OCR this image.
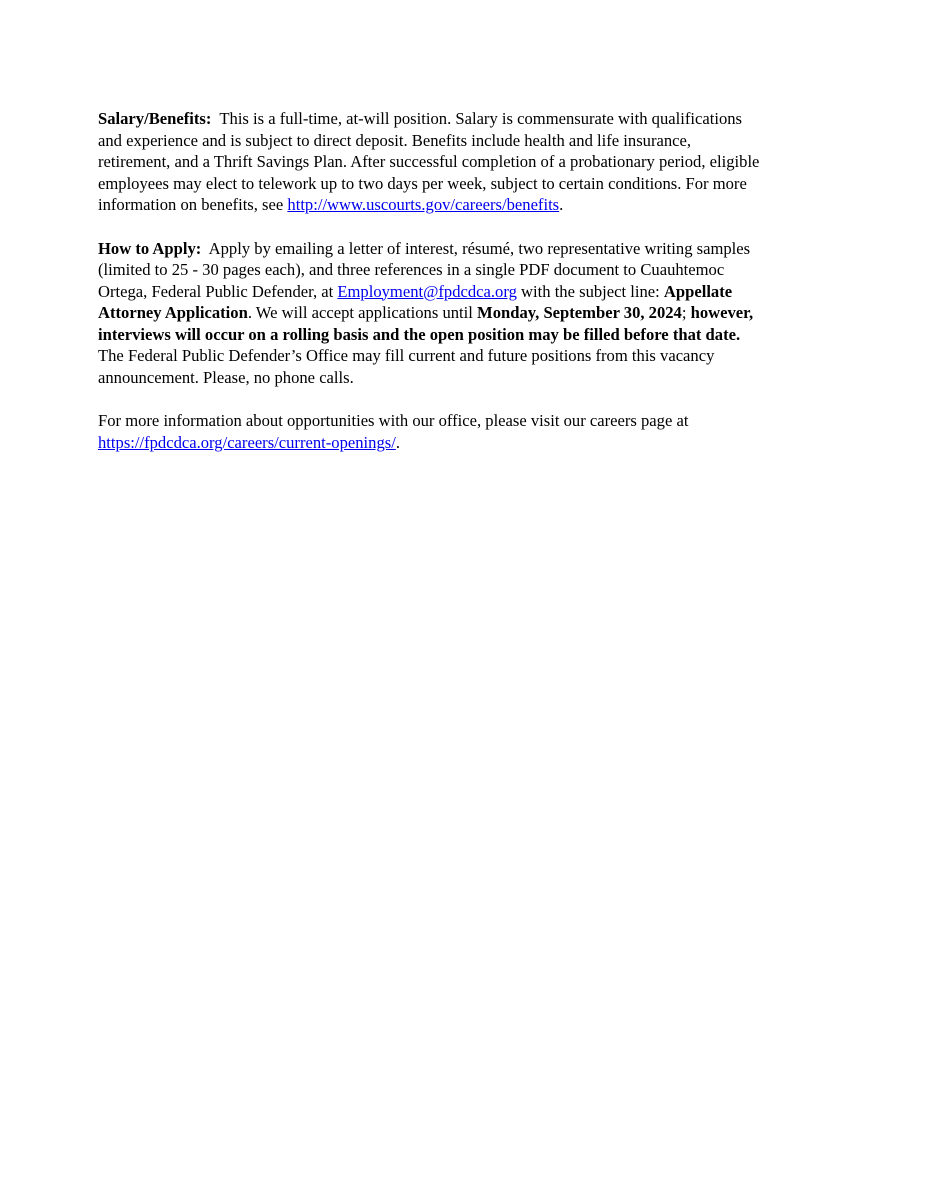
Salary/Benefits: This is a full-time, at-will position. Salary is commensurate with qualifications
and experience and is subject to direct deposit. Benefits include health and life insurance,
retirement, and a Thrift Savings Plan. After successful completion of a probationary period, eligible
employees may elect to telework up to two days per week, subject to certain conditions. For more
information on benefits, see http://www.uscourts.gov/careers/benefits.

How to Apply: Apply by emailing a letter of interest, résumé, two representative writing samples
(limited to 25 - 30 pages each), and three references in a single PDF document to Cuauhtemoc
Ortega, Federal Public Defender, at Employment@fpdcdca.org with the subject line: Appellate
Attorney Application. We will accept applications until Monday, September 30, 2024; however,
interviews will occur on a rolling basis and the open position may be filled before that date.
The Federal Public Defender’s Office may fill current and future positions from this vacancy
announcement. Please, no phone calls.

For more information about opportunities with our office, please visit our careers page at
https://fpdcdca.org/careers/current-openings/.
